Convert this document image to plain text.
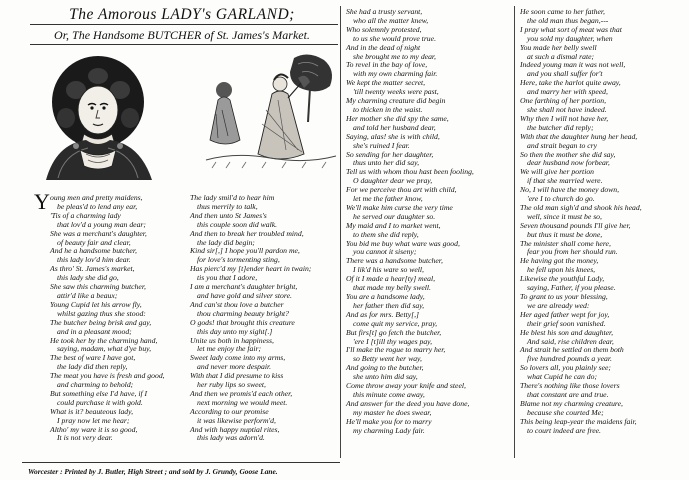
The Amorous LADY's GARLAND;
Or, The Handsome BUTCHER of St. James's Market.
Y oung men and pretty maidens,
be pleas'd to lend any ear,
'Tis of a charming lady
that lov'd a young man dear;
She was a merchant's daughter,
of beauty fair and clear,
And he a handsome butcher,
this lady lov'd him dear.
As thro' St. James's market,
this lady she did go,
She saw this charming butcher,
attir'd like a beaux;
Young Cupid let his arrow fly,
whilst gazing thus she stood:
The butcher being brisk and gay,
and in a pleasant mood;
He took her by the charming hand,
saying, madam, what d'ye buy,
The best of ware I have got,
the lady did then reply,
The meat you have is fresh and good,
and charming to behold;
But something else I'd have, if I
could purchase it with gold.
What is it? beauteous lady,
I pray now let me hear;
Altho' my ware it is so good,
It is not very dear.
The lady smil'd to hear him
thus merrily to talk,
And then unto St James's
this couple soon did walk.
And then to break her troubled mind,
the lady did begin;
Kind sir[,] I hope you'll pardon me,
for love's tormenting sting,
Has pierc'd my [t]ender heart in twain;
tis you that I adore,
I am a merchant's daughter bright,
and have gold and silver store.
And can'st thou love a butcher
thou charming beauty bright?
O gods! that brought this creature
this day unto my sight[.]
Unite us both in happiness,
let me enjoy the fair;
Sweet lady come into my arms,
and never more despair.
With that I did presume to kiss
her ruby lips so sweet,
And then we promis'd each other,
next morning we would meet.
According to our promise
it was likewise perform'd,
And with happy nuptial rites,
this lady was adorn'd.
She had a trusty servant,
who all the matter knew,
Who solemnly protested,
to us she would prove true.
And in the dead of night
she brought me to my dear,
To revel in the bay of love,
with my own charming fair.
We kept the matter secret,
'till twenty weeks were past,
My charming creature did begin
to thicken in the waist.
Her mother she did spy the same,
and told her husband dear,
Saying, alas! she is with child,
she's ruined I fear.
So sending for her daughter,
thus unto her did say,
Tell us with whom thou hast been fooling,
O daughter dear we pray,
For we perceive thou art with child,
let me the father know,
We'll make him curse the very time
he served our daughter so.
My maid and I to market went,
to them she did reply,
You bid me buy what ware was good,
you cannot it siseny;
There was a handsome butcher,
I lik'd his ware so well,
Of it I made a hear[ty] meal,
that made my belly swell.
You are a handsome lady,
her father then did say,
And as for mrs. Betty[,]
come quit my service, pray,
But firs[t] go fetch the butcher,
'ere I [t]ill thy wages pay,
I'll make the rogue to marry her,
so Betty went her way,
And going to the butcher,
she unto him did say,
Come throw away your knife and steel,
this minute come away,
And answer for the deed you have done,
my master he does swear,
He'll make you for to marry
my charming Lady fair.
He soon came to her father,
the old man thus began,---
I pray what sort of meat was that
you sold my daughter, when
You made her belly swell
at such a dismal rate;
Indeed young man it was not well,
and you shall suffer for't
Here, take the harlot quite away,
and marry her with speed,
One farthing of her portion,
she shall not have indeed.
Why then I will not have her,
the butcher did reply;
With that the daughter hung her head,
and strait began to cry
So then the mother she did say,
dear husband now forbear,
We will give her portion
if that she married were.
No, I will have the money down,
'ere I to church do go.
The old man sigh'd and shook his head,
well, since it must be so,
Seven thousand pounds I'll give her,
but thus it must be done,
The minister shall come here,
fear you from her should run.
He having got the money,
he fell upon his knees,
Likewise the youthful Lady,
saying, Father, if you please.
To grant to us your blessing,
we are already wed:
Her aged father wept for joy,
their grief soon vanished.
He blest his son and daughter,
And said, rise children dear,
And strait he settled on them both
five hundred pounds a year.
So lovers all, you plainly see;
what Cupid he can do;
There's nothing like those lovers
that constant are and true.
Blame not my charming creature,
because she courted Me;
This being leap-year the maidens fair,
to court indeed are free.
Worcester : Printed by J. Butler, High Street ; and sold by J. Grundy, Goose Lane.
